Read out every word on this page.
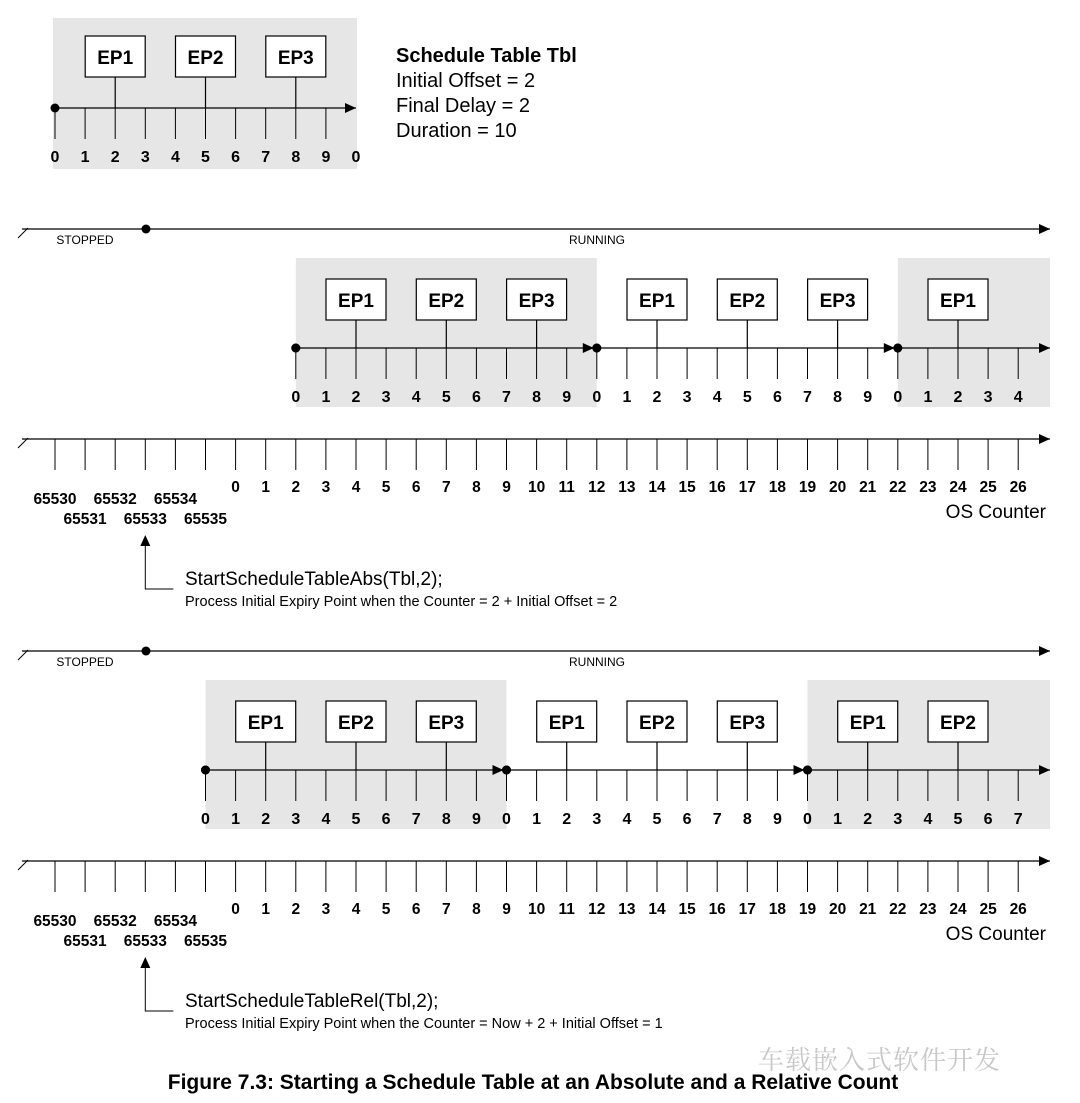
0 1 2 3 4 5 6 7 8 9 0
EP1	EP2	EP3
STOPPED	RUNNING
65530
65531
65532
65533
65534
65535
0 1 2 3 4 5 6 7 8 9 10 11 12 13 14 15 16 17 18 19 20 21 22 23 24 25 26
OS Counter
0 1 2 3 4 5 6 7 8 9
EP1	EP2	EP3
0 1 2 3 4 5 6 7 8 9
EP1	EP2	EP3
0 1 2 3 4
EP1
STOPPED	RUNNING
65530
65531
65532
65533
65534
65535
0 1 2 3 4 5 6 7 8 9 10 11 12 13 14 15 16 17 18 19 20 21 22 23 24 25 26
OS Counter
0 1 2 3 4 5 6 7 8 9
EP1	EP2	EP3
0 1 2 3 4 5 6 7 8 9
EP1	EP2	EP3
0 1 2 3 4 5 6 7
EP1	EP2
Schedule Table Tbl
Initial Offset = 2
Final Delay = 2
Duration = 10
StartScheduleTableAbs(Tbl,2);
Process Initial Expiry Point when the Counter = 2 + Initial Offset = 2
StartScheduleTableRel(Tbl,2);
Process Initial Expiry Point when the Counter = Now + 2 + Initial Offset = 1
车载嵌入式软件开发
Figure 7.3: Starting a Schedule Table at an Absolute and a Relative Count
